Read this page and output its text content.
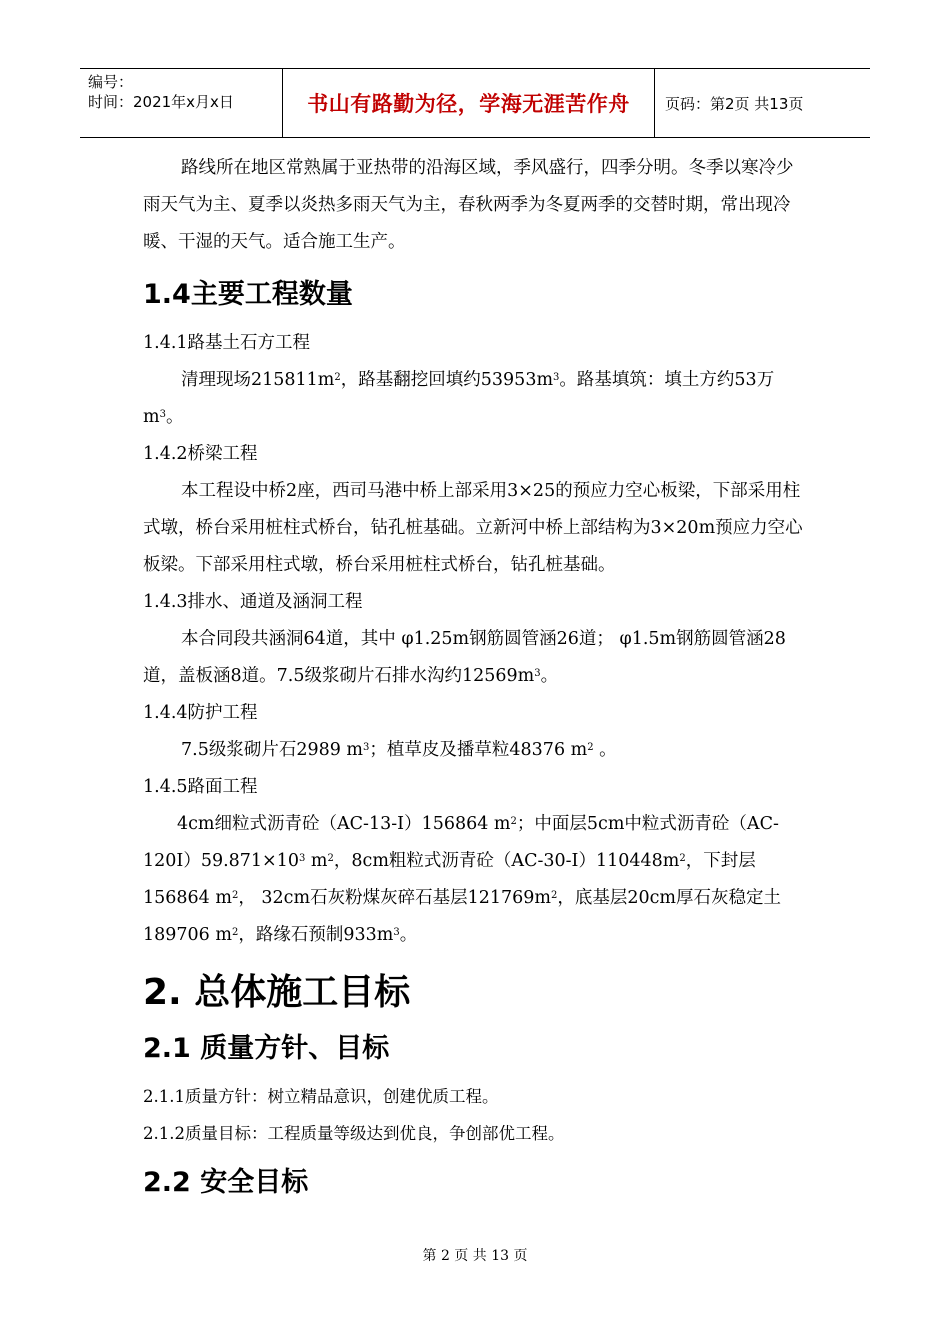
编号：
时间：2021年x月x日	书山有路勤为径，学海无涯苦作舟	页码：第2页 共13页

路线所在地区常熟属于亚热带的沿海区域，季风盛行，四季分明。冬季以寒冷少雨天气为主、夏季以炎热多雨天气为主，春秋两季为冬夏两季的交替时期，常出现冷暖、干湿的天气。适合施工生产。

1.4主要工程数量

1.4.1路基土石方工程

清理现场$215811m^2$，路基翻挖回填约$53953m^3$。路基填筑：填土方约53万$m^3$。

1.4.2桥梁工程

本工程设中桥2座，西司马港中桥上部采用3×25的预应力空心板梁，下部采用柱式墩，桥台采用桩柱式桥台，钻孔桩基础。立新河中桥上部结构为3×20m预应力空心板梁。下部采用柱式墩，桥台采用桩柱式桥台，钻孔桩基础。

1.4.3排水、通道及涵洞工程

本合同段共涵洞64道，其中 φ1.25m钢筋圆管涵26道； φ1.5m钢筋圆管涵28道，盖板涵8道。7.5级浆砌片石排水沟约$12569m^3$。

1.4.4防护工程

7.5级浆砌片石2989 $m^3$；植草皮及播草粒48376 $m^2$ 。

1.4.5路面工程

4cm细粒式沥青砼（AC-13-I）156864 $m^2$；中面层5cm中粒式沥青砼$(AC-120I)59.871\times 10^3$ $m^2$，8cm粗粒式沥青砼$(AC-30-I)110448m^2$，下封层156864 $m^2$， 32cm石灰粉煤灰碎石基层$121769m^2$，底基层20cm厚石灰稳定土189706 $m^2$，路缘石预制$933m^3$。

2. 总体施工目标
2.1 质量方针、目标

2.1.1质量方针：树立精品意识，创建优质工程。

2.1.2质量目标：工程质量等级达到优良，争创部优工程。

2.2 安全目标
第 2 页 共 13 页
